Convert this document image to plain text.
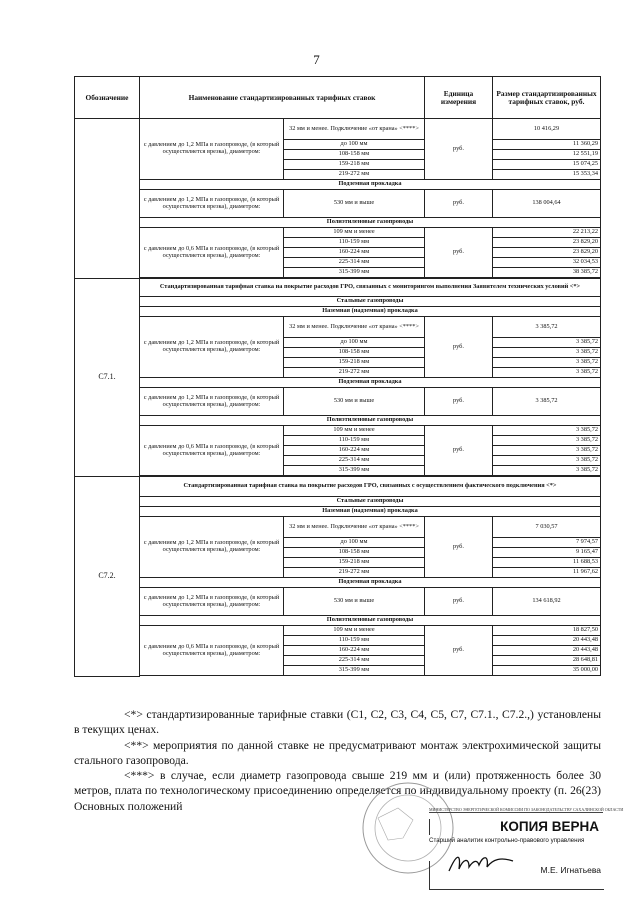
7
Обозначение	Наименование стандартизированных тарифных ставок		Единица измерения	Размер стандартизированных тарифных ставок, руб.
	с давлением до 1,2 МПа в газопроводе, (в который осуществляется врезка), диаметром:	32 мм и менее. Подключение «от крана» <****>	руб.	10 416,29
		до 100 мм		11 360,29
		108-158 мм		12 551,19
		159-218 мм		15 074,25
		219-272 мм		15 353,34
	Подземная прокладка			
	с давлением до 1,2 МПа в газопроводе, (в который осуществляется врезка), диаметром:	530 мм и выше	руб.	138 004,64
	Полиэтиленовые газопроводы			
	с давлением до 0,6 МПа в газопроводе, (в который осуществляется врезка), диаметром:	109 мм и менее	руб.	22 213,22
		110-159 мм		23 829,20
		160-224 мм		23 829,20
		225-314 мм		32 034,53
		315-399 мм		38 385,72

С7.1.	Стандартизированная тарифная ставка на покрытие расходов ГРО, связанных с мониторингом выполнения Заявителем технических условий <*>			
	Стальные газопроводы			
	Наземная (надземная) прокладка			
	с давлением до 1,2 МПа в газопроводе, (в который осуществляется врезка), диаметром:	32 мм и менее. Подключение «от крана» <****>	руб.	3 385,72
		до 100 мм		3 385,72
		108-158 мм		3 385,72
		159-218 мм		3 385,72
		219-272 мм		3 385,72
	Подземная прокладка			
	с давлением до 1,2 МПа в газопроводе, (в который осуществляется врезка), диаметром:	530 мм и выше	руб.	3 385,72
	Полиэтиленовые газопроводы			
	с давлением до 0,6 МПа в газопроводе, (в который осуществляется врезка), диаметром:	109 мм и менее	руб.	3 385,72
		110-159 мм		3 385,72
		160-224 мм		3 385,72
		225-314 мм		3 385,72
		315-399 мм		3 385,72

С7.2.	Стандартизированная тарифная ставка на покрытие расходов ГРО, связанных с осуществлением фактического подключения <*>			
	Стальные газопроводы			
	Наземная (надземная) прокладка			
	с давлением до 1,2 МПа в газопроводе, (в который осуществляется врезка), диаметром:	32 мм и менее. Подключение «от крана» <****>	руб.	7 030,57
		до 100 мм		7 974,57
		108-158 мм		9 165,47
		159-218 мм		11 688,53
		219-272 мм		11 967,62
	Подземная прокладка			
	с давлением до 1,2 МПа в газопроводе, (в который осуществляется врезка), диаметром:	530 мм и выше	руб.	134 618,92
	Полиэтиленовые газопроводы			
	с давлением до 0,6 МПа в газопроводе, (в который осуществляется врезка), диаметром:	109 мм и менее	руб.	18 827,50
		110-159 мм		20 443,48
		160-224 мм		20 443,48
		225-314 мм		28 648,81
		315-399 мм		35 000,00

<*> стандартизированные тарифные ставки (С1, С2, С3, С4, С5, С7, С7.1., С7.2.,) установлены в текущих ценах.

<**> мероприятия по данной ставке не предусматривают монтаж электрохимической защиты стального газопровода.

<***> в случае, если диаметр газопровода свыше 219 мм и (или) протяженность более 30 метров, плата по технологическому присоединению определяется по индивидуальному проекту (п. 26(23) Основных положений	МИНИСТЕРСТВО ЭНЕРГЕТИЧЕСКОЙ КОМИССИИ ПО ЗАКОНОДАТЕЛЬСТВУ САХАЛИНСКОЙ ОБЛАСТИ
КОПИЯ ВЕРНА
Старший аналитик контрольно-правового управления
М.Е. Игнатьева
